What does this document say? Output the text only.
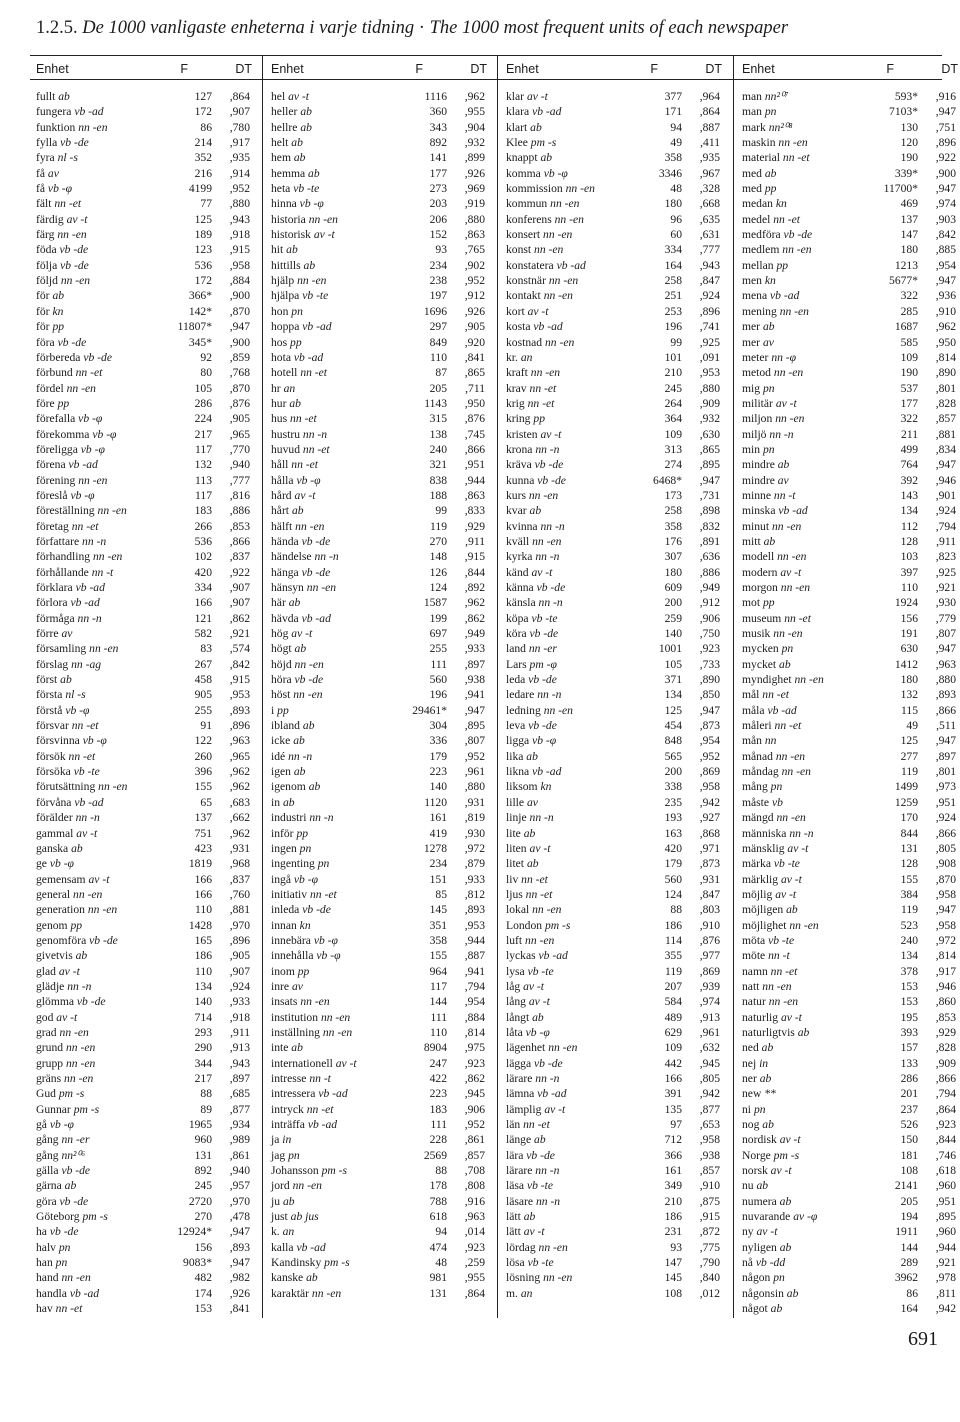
1.2.5. De 1000 vanligaste enheterna i varje tidning · The 1000 most frequent units of each newspaper
Enhet	F	DT
fullt ab	127 ,864
fungera vb -ad	172 ,907
funktion nn -en	86 ,780
fylla vb -de	214 ,917
fyra nl -s	352 ,935
få av	216 ,914
få vb -φ	4199 ,952
fält nn -et	77 ,880
färdig av -t	125 ,943
färg nn -en	189 ,918
föda vb -de	123 ,915
följa vb -de	536 ,958
följd nn -en	172 ,884
för ab	366* ,900
för kn	142* ,870
för pp	11807* ,947
föra vb -de	345* ,900
förbereda vb -de	92 ,859
förbund nn -et	80 ,768
fördel nn -en	105 ,870
före pp	286 ,876
förefalla vb -φ	224 ,905
förekomma vb -φ	217 ,965
föreligga vb -φ	117 ,770
förena vb -ad	132 ,940
förening nn -en	113 ,777
föreslå vb -φ	117 ,816
föreställning nn -en	183 ,886
företag nn -et	266 ,853
författare nn -n	536 ,866
förhandling nn -en	102 ,837
förhållande nn -t	420 ,922
förklara vb -ad	334 ,907
förlora vb -ad	166 ,907
förmåga nn -n	121 ,862
förre av	582 ,921
församling nn -en	83 ,574
förslag nn -ag	267 ,842
först ab	458 ,915
första nl -s	905 ,953
förstå vb -φ	255 ,893
försvar nn -et	91 ,896
försvinna vb -φ	122 ,963
försök nn -et	260 ,965
försöka vb -te	396 ,962
förutsättning nn -en	155 ,962
förvåna vb -ad	65 ,683
förälder nn -n	137 ,662
gammal av -t	751 ,962
ganska ab	423 ,931
ge vb -φ	1819 ,968
gemensam av -t	166 ,837
general nn -en	166 ,760
generation nn -en	110 ,881
genom pp	1428 ,970
genomföra vb -de	165 ,896
givetvis ab	186 ,905
glad av -t	110 ,907
glädje nn -n	134 ,924
glömma vb -de	140 ,933
god av -t	714 ,918
grad nn -en	293 ,911
grund nn -en	290 ,913
grupp nn -en	344 ,943
gräns nn -en	217 ,897
Gud pm -s	88 ,685
Gunnar pm -s	89 ,877
gå vb -φ	1965 ,934
gång nn -er	960 ,989
gång nn²⁰⁶	131 ,861
gälla vb -de	892 ,940
gärna ab	245 ,957
göra vb -de	2720 ,970
Göteborg pm -s	270 ,478
ha vb -de	12924* ,947
halv pn	156 ,893
han pn	9083* ,947
hand nn -en	482 ,982
handla vb -ad	174 ,926
hav nn -et	153 ,841
Enhet	F	DT
hel av -t	1116 ,962
heller ab	360 ,955
hellre ab	343 ,904
helt ab	892 ,932
hem ab	141 ,899
hemma ab	177 ,926
heta vb -te	273 ,969
hinna vb -φ	203 ,919
historia nn -en	206 ,880
historisk av -t	152 ,863
hit ab	93 ,765
hittills ab	234 ,902
hjälp nn -en	238 ,952
hjälpa vb -te	197 ,912
hon pn	1696 ,926
hoppa vb -ad	297 ,905
hos pp	849 ,920
hota vb -ad	110 ,841
hotell nn -et	87 ,865
hr an	205 ,711
hur ab	1143 ,950
hus nn -et	315 ,876
hustru nn -n	138 ,745
huvud nn -et	240 ,866
håll nn -et	321 ,951
hålla vb -φ	838 ,944
hård av -t	188 ,863
hårt ab	99 ,833
hälft nn -en	119 ,929
hända vb -de	270 ,911
händelse nn -n	148 ,915
hänga vb -de	126 ,844
hänsyn nn -en	124 ,892
här ab	1587 ,962
hävda vb -ad	199 ,862
hög av -t	697 ,949
högt ab	255 ,933
höjd nn -en	111 ,897
höra vb -de	560 ,938
höst nn -en	196 ,941
i pp	29461* ,947
ibland ab	304 ,895
icke ab	336 ,807
idé nn -n	179 ,952
igen ab	223 ,961
igenom ab	140 ,880
in ab	1120 ,931
industri nn -n	161 ,819
inför pp	419 ,930
ingen pn	1278 ,972
ingenting pn	234 ,879
ingå vb -φ	151 ,933
initiativ nn -et	85 ,812
inleda vb -de	145 ,893
innan kn	351 ,953
innebära vb -φ	358 ,944
innehålla vb -φ	155 ,887
inom pp	964 ,941
inre av	117 ,794
insats nn -en	144 ,954
institution nn -en	111 ,884
inställning nn -en	110 ,814
inte ab	8904 ,975
internationell av -t	247 ,923
intresse nn -t	422 ,862
intressera vb -ad	223 ,945
intryck nn -et	183 ,906
inträffa vb -ad	111 ,952
ja in	228 ,861
jag pn	2569 ,857
Johansson pm -s	88 ,708
jord nn -en	178 ,808
ju ab	788 ,916
just ab jus	618 ,963
k. an	94 ,014
kalla vb -ad	474 ,923
Kandinsky pm -s	48 ,259
kanske ab	981 ,955
karaktär nn -en	131 ,864
Enhet	F	DT
klar av -t	377 ,964
klara vb -ad	171 ,864
klart ab	94 ,887
Klee pm -s	49 ,411
knappt ab	358 ,935
komma vb -φ	3346 ,967
kommission nn -en	48 ,328
kommun nn -en	180 ,668
konferens nn -en	96 ,635
konsert nn -en	60 ,631
konst nn -en	334 ,777
konstatera vb -ad	164 ,943
konstnär nn -en	258 ,847
kontakt nn -en	251 ,924
kort av -t	253 ,896
kosta vb -ad	196 ,741
kostnad nn -en	99 ,925
kr. an	101 ,091
kraft nn -en	210 ,953
krav nn -et	245 ,880
krig nn -et	264 ,909
kring pp	364 ,932
kristen av -t	109 ,630
krona nn -n	313 ,865
kräva vb -de	274 ,895
kunna vb -de	6468* ,947
kurs nn -en	173 ,731
kvar ab	258 ,898
kvinna nn -n	358 ,832
kväll nn -en	176 ,891
kyrka nn -n	307 ,636
känd av -t	180 ,886
känna vb -de	609 ,949
känsla nn -n	200 ,912
köpa vb -te	259 ,906
köra vb -de	140 ,750
land nn -er	1001 ,923
Lars pm -φ	105 ,733
leda vb -de	371 ,890
ledare nn -n	134 ,850
ledning nn -en	125 ,947
leva vb -de	454 ,873
ligga vb -φ	848 ,954
lika ab	565 ,952
likna vb -ad	200 ,869
liksom kn	338 ,958
lille av	235 ,942
linje nn -n	193 ,927
lite ab	163 ,868
liten av -t	420 ,971
litet ab	179 ,873
liv nn -et	560 ,931
ljus nn -et	124 ,847
lokal nn -en	88 ,803
London pm -s	186 ,910
luft nn -en	114 ,876
lyckas vb -ad	355 ,977
lysa vb -te	119 ,869
låg av -t	207 ,939
lång av -t	584 ,974
långt ab	489 ,913
låta vb -φ	629 ,961
lägenhet nn -en	109 ,632
lägga vb -de	442 ,945
lärare nn -n	166 ,805
lämna vb -ad	391 ,942
lämplig av -t	135 ,877
län nn -et	97 ,653
länge ab	712 ,958
lära vb -de	366 ,938
lärare nn -n	161 ,857
läsa vb -te	349 ,910
läsare nn -n	210 ,875
lätt ab	186 ,915
lätt av -t	231 ,872
lördag nn -en	93 ,775
lösa vb -te	147 ,790
lösning nn -en	145 ,840
m. an	108 ,012
Enhet	F	DT
man nn²⁰⁷	593* ,916
man pn	7103* ,947
mark nn²⁰⁸	130 ,751
maskin nn -en	120 ,896
material nn -et	190 ,922
med ab	339* ,900
med pp	11700* ,947
medan kn	469 ,974
medel nn -et	137 ,903
medföra vb -de	147 ,842
medlem nn -en	180 ,885
mellan pp	1213 ,954
men kn	5677* ,947
mena vb -ad	322 ,936
mening nn -en	285 ,910
mer ab	1687 ,962
mer av	585 ,950
meter nn -φ	109 ,814
metod nn -en	190 ,890
mig pn	537 ,801
militär av -t	177 ,828
miljon nn -en	322 ,857
miljö nn -n	211 ,881
min pn	499 ,834
mindre ab	764 ,947
mindre av	392 ,946
minne nn -t	143 ,901
minska vb -ad	134 ,924
minut nn -en	112 ,794
mitt ab	128 ,911
modell nn -en	103 ,823
modern av -t	397 ,925
morgon nn -en	110 ,921
mot pp	1924 ,930
museum nn -et	156 ,779
musik nn -en	191 ,807
mycken pn	630 ,947
mycket ab	1412 ,963
myndighet nn -en	180 ,880
mål nn -et	132 ,893
måla vb -ad	115 ,866
måleri nn -et	49 ,511
mån nn	125 ,947
månad nn -en	277 ,897
måndag nn -en	119 ,801
mång pn	1499 ,973
måste vb	1259 ,951
mängd nn -en	170 ,924
människa nn -n	844 ,866
mänsklig av -t	131 ,805
märka vb -te	128 ,908
märklig av -t	155 ,870
möjlig av -t	384 ,958
möjligen ab	119 ,947
möjlighet nn -en	523 ,958
möta vb -te	240 ,972
möte nn -t	134 ,814
namn nn -et	378 ,917
natt nn -en	153 ,946
natur nn -en	153 ,860
naturlig av -t	195 ,853
naturligtvis ab	393 ,929
ned ab	157 ,828
nej in	133 ,909
ner ab	286 ,866
new **	201 ,794
ni pn	237 ,864
nog ab	526 ,923
nordisk av -t	150 ,844
Norge pm -s	181 ,746
norsk av -t	108 ,618
nu ab	2141 ,960
numera ab	205 ,951
nuvarande av -φ	194 ,895
ny av -t	1911 ,960
nyligen ab	144 ,944
nå vb -dd	289 ,921
någon pn	3962 ,978
någonsin ab	86 ,811
något ab	164 ,942
691
